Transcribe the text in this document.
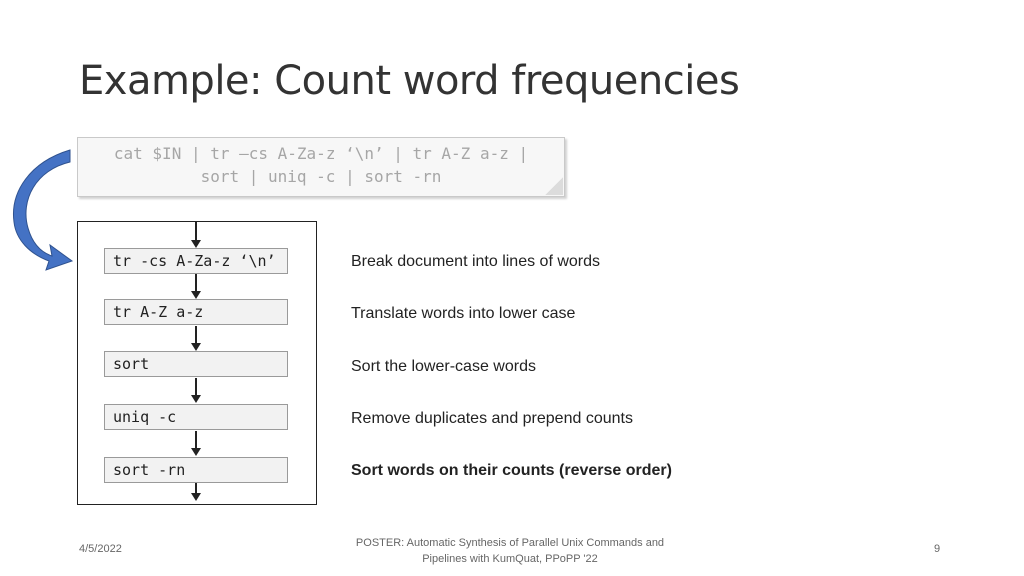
Example: Count word frequencies
cat $IN | tr –cs A-Za-z ‘\n’ | tr A-Z a-z |
sort | uniq -c | sort -rn
tr -cs A-Za-z ‘\n’
tr A-Z a-z
sort
uniq -c
sort -rn
Break document into lines of words
Translate words into lower case
Sort the lower-case words
Remove duplicates and prepend counts
Sort words on their counts (reverse order)
4/5/2022	POSTER: Automatic Synthesis of Parallel Unix Commands and
Pipelines with KumQuat, PPoPP '22
9
